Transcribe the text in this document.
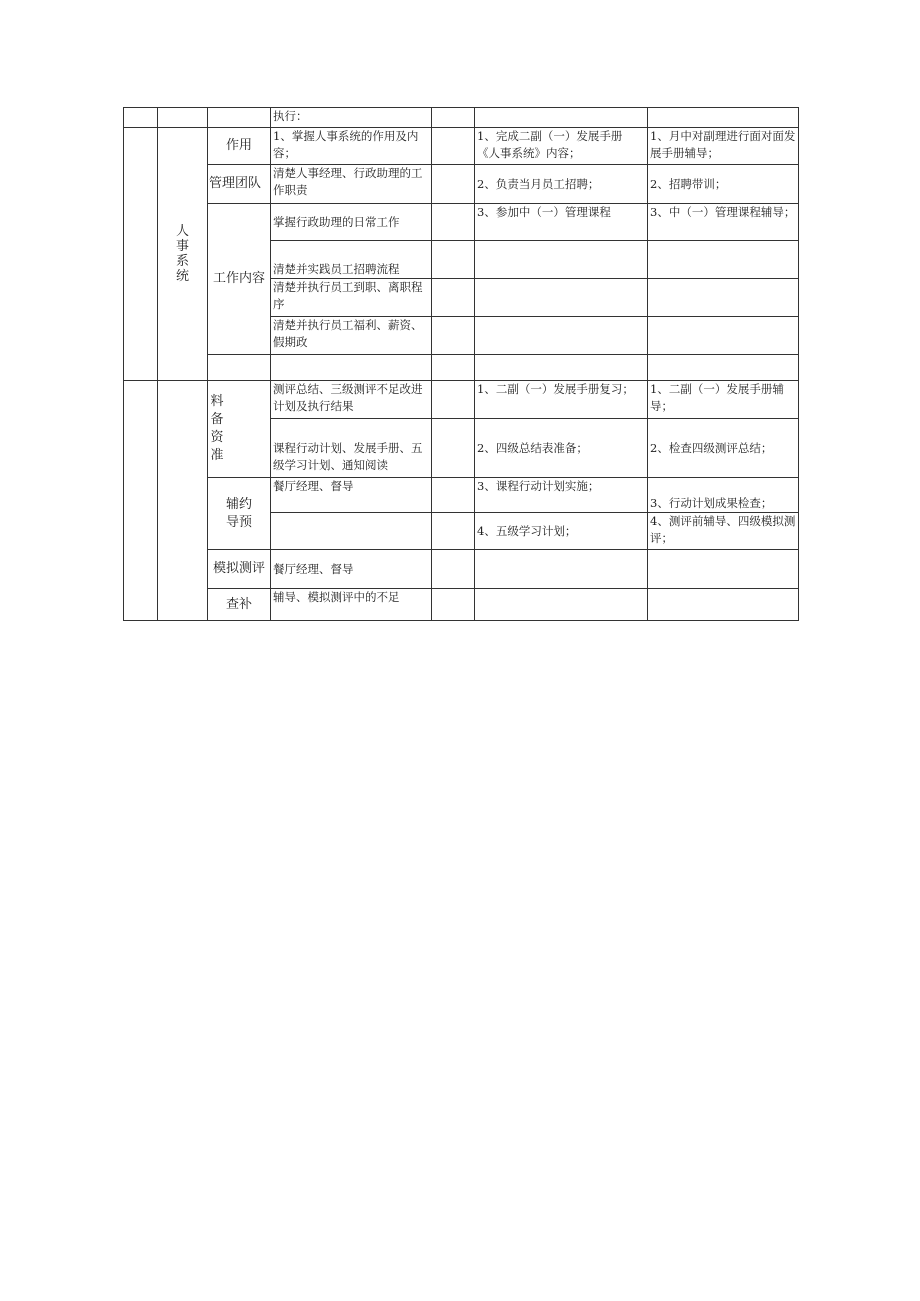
			执行：			
	人事系统	作用	1、掌握人事系统的作用及内容；		1、完成二副（一）发展手册《人事系统》内容；	1、月中对副理进行面对面发展手册辅导；
		管理团队	清楚人事经理、行政助理的工作职责		2、负责当月员工招聘；	2、招聘带训；
		工作内容	掌握行政助理的日常工作		3、参加中（一）管理课程	3、中（一）管理课程辅导；
			清楚并实践员工招聘流程			
			清楚并执行员工到职、离职程序			
			清楚并执行员工福利、薪资、假期政			

		料备资准	测评总结、三级测评不足改进计划及执行结果		1、二副（一）发展手册复习；	1、二副（一）发展手册辅导；
			课程行动计划、发展手册、五级学习计划、通知阅读		2、四级总结表准备；	2、检查四级测评总结；
		辅约导预	餐厅经理、督导		3、课程行动计划实施；	3、行动计划成果检查；
					4、五级学习计划；	4、测评前辅导、四级模拟测评；
		模拟测评	餐厅经理、督导			
		查补	辅导、模拟测评中的不足			
